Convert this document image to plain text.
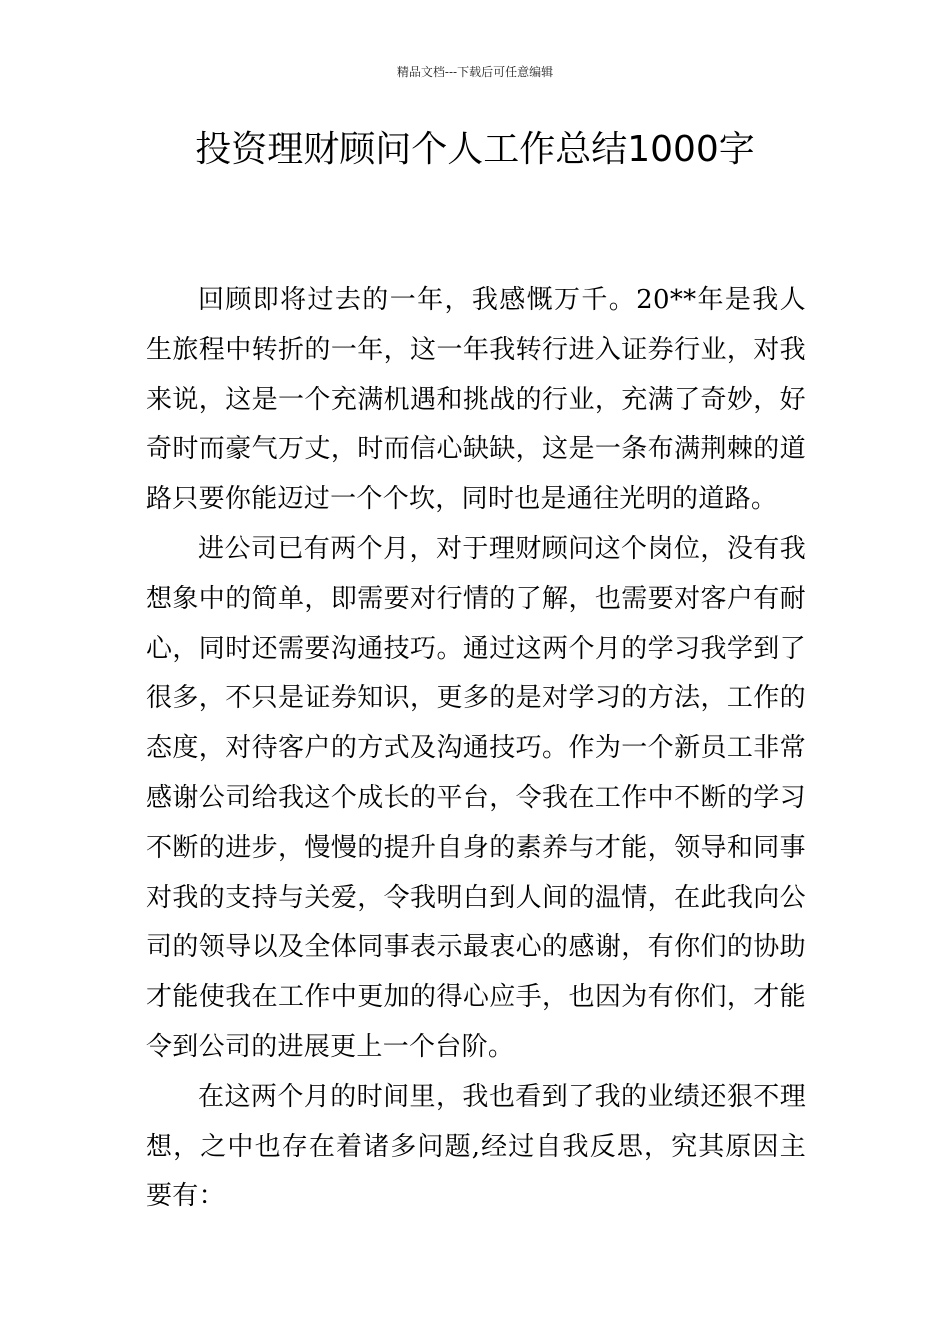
精品文档---下载后可任意编辑
投资理财顾问个人工作总结1000字

回顾即将过去的一年，我感慨万千。20**年是我人生旅程中转折的一年，这一年我转行进入证券行业，对我来说，这是一个充满机遇和挑战的行业，充满了奇妙，好奇时而豪气万丈，时而信心缺缺，这是一条布满荆棘的道路只要你能迈过一个个坎，同时也是通往光明的道路。

进公司已有两个月，对于理财顾问这个岗位，没有我想象中的简单，即需要对行情的了解，也需要对客户有耐心，同时还需要沟通技巧。通过这两个月的学习我学到了很多，不只是证券知识，更多的是对学习的方法，工作的态度，对待客户的方式及沟通技巧。作为一个新员工非常感谢公司给我这个成长的平台，令我在工作中不断的学习不断的进步，慢慢的提升自身的素养与才能，领导和同事对我的支持与关爱，令我明白到人间的温情，在此我向公司的领导以及全体同事表示最衷心的感谢，有你们的协助才能使我在工作中更加的得心应手，也因为有你们，才能令到公司的进展更上一个台阶。

在这两个月的时间里，我也看到了我的业绩还狠不理想，之中也存在着诸多问题,经过自我反思，究其原因主要有：
